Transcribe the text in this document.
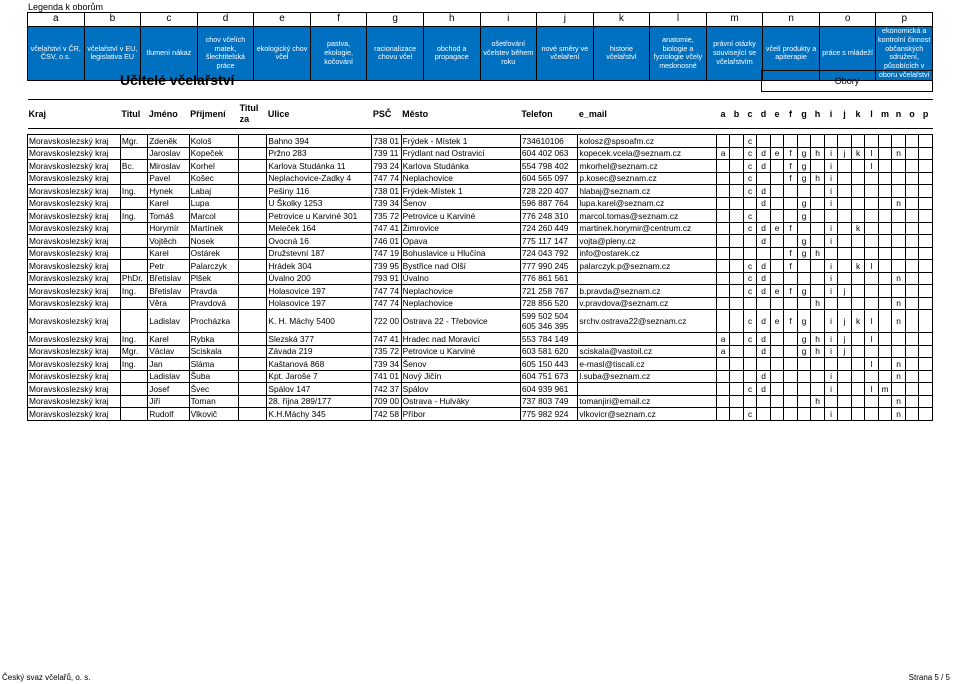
Legenda k oborům
a	b	c	d	e	f	g	h	i	j	k	l	m	n	o	p
včelařství v ČR, ČSV, o.s.	včelařství v EU, legislativa EU	tlumení nákaz	chov včelích matek, šlechtitelská práce	ekologický chov včel	pastva, ekologie, kočování	racionalizace chovu včel	obchod a propagace	ošetřování včelstev během roku	nové směry ve včelaření	historie včelařství	anatomie, biologie a fyziologie včely medonosné	právní otázky související se včelařstvím	včelí produkty a apiterapie	práce s mládeží	ekonomická a kontrolní činnost občanských sdružení, působících v oboru včelařství
Učitelé včelařství	Obory
Kraj	Titul	Jméno	Příjmení	Titul za	Ulice	PSČ	Město	Telefon	e_mail	a	b	c	d	e	f	g	h	i	j	k	l	m	n	o	p

Moravskoslezský kraj	Mgr.	Zdeněk	Kološ		Bahno 394	738 01	Frýdek - Místek 1	734610106	kolosz@spsoafm.cz			c													
Moravskoslezský kraj		Jaroslav	Kopeček		Pržno 283	739 11	Frýdlant nad Ostravicí	604 402 063	kopecek.vcela@seznam.cz	a		c	d	e	f	g	h	i	j	k	l		n		
Moravskoslezský kraj	Bc.	Miroslav	Korhel		Karlova Studánka 11	793 24	Karlova Studánka	554 798 402	mkorhel@seznam.cz			c	d		f	g		i			l				
Moravskoslezský kraj		Pavel	Košec		Neplachovice-Zadky 4	747 74	Neplachovice	604 565 097	p.kosec@seznam.cz			c			f	g	h	i							
Moravskoslezský kraj	Ing.	Hynek	Labaj		Pešiny 116	738 01	Frýdek-Místek 1	728 220 407	hlabaj@seznam.cz			c	d					i							
Moravskoslezský kraj		Karel	Lupa		U Školky 1253	739 34	Šenov	596 887 764	lupa.karel@seznam.cz				d			g		i					n		
Moravskoslezský kraj	Ing.	Tomáš	Marcol		Petrovice u Karviné 301	735 72	Petrovice u Karviné	776 248 310	marcol.tomas@seznam.cz			c				g									
Moravskoslezský kraj		Horymír	Martínek		Meleček 164	747 41	Žimrovice	724 260 449	martinek.horymir@centrum.cz			c	d	e	f			i		k					
Moravskoslezský kraj		Vojtěch	Nosek		Ovocná 16	746 01	Opava	775 117 147	vojta@pleny.cz				d			g		i							
Moravskoslezský kraj		Karel	Ostárek		Družstevní 187	747 19	Bohuslavice u Hlučína	724 043 792	info@ostarek.cz						f	g	h								
Moravskoslezský kraj		Petr	Palarczyk		Hrádek 304	739 95	Bystřice nad Olší	777 990 245	palarczyk.p@seznam.cz			c	d		f			i		k	l				
Moravskoslezský kraj	PhDr.	Břetislav	Plšek		Úvalno 200	793 91	Úvalno	776 861 561				c	d					i					n		
Moravskoslezský kraj	Ing.	Břetislav	Pravda		Holasovice 197	747 74	Neplachovice	721 258 767	b.pravda@seznam.cz			c	d	e	f	g		i	j						
Moravskoslezský kraj		Věra	Pravdová		Holasovice 197	747 74	Neplachovice	728 856 520	v.pravdova@seznam.cz								h						n		
Moravskoslezský kraj		Ladislav	Procházka		K. H. Máchy 5400	722 00	Ostrava 22 - Třebovice	599 502 504
605 346 395	srchv.ostrava22@seznam.cz			c	d	e	f	g		i	j	k	l		n		
Moravskoslezský kraj	Ing.	Karel	Rybka		Slezská 377	747 41	Hradec nad Moravicí	553 784 149		a		c	d			g	h	i	j		l				
Moravskoslezský kraj	Mgr.	Václav	Sciskala		Závada 219	735 72	Petrovice u Karviné	603 581 620	sciskala@vastoil.cz	a			d			g	h	i	j						
Moravskoslezský kraj	Ing.	Jan	Sláma		Kaštanová 868	739 34	Šenov	605 150 443	e-masl@tiscali.cz												l		n		
Moravskoslezský kraj		Ladislav	Šuba		Kpt. Jaroše 7	741 01	Nový Jičín	604 751 673	l.suba@seznam.cz				d					i					n		
Moravskoslezský kraj		Josef	Švec		Spálov 147	742 37	Spálov	604 939 961				c	d					i			l	m			
Moravskoslezský kraj		Jiří	Toman		28. října 289/177	709 00	Ostrava - Hulváky	737 803 749	tomanjiri@email.cz								h						n		
Moravskoslezský kraj		Rudolf	Vlkovič		K.H.Máchy 345	742 58	Příbor	775 982 924	vlkovicr@seznam.cz			c						i					n		
Český svaz včelařů, o. s.	Strana 5 / 5
